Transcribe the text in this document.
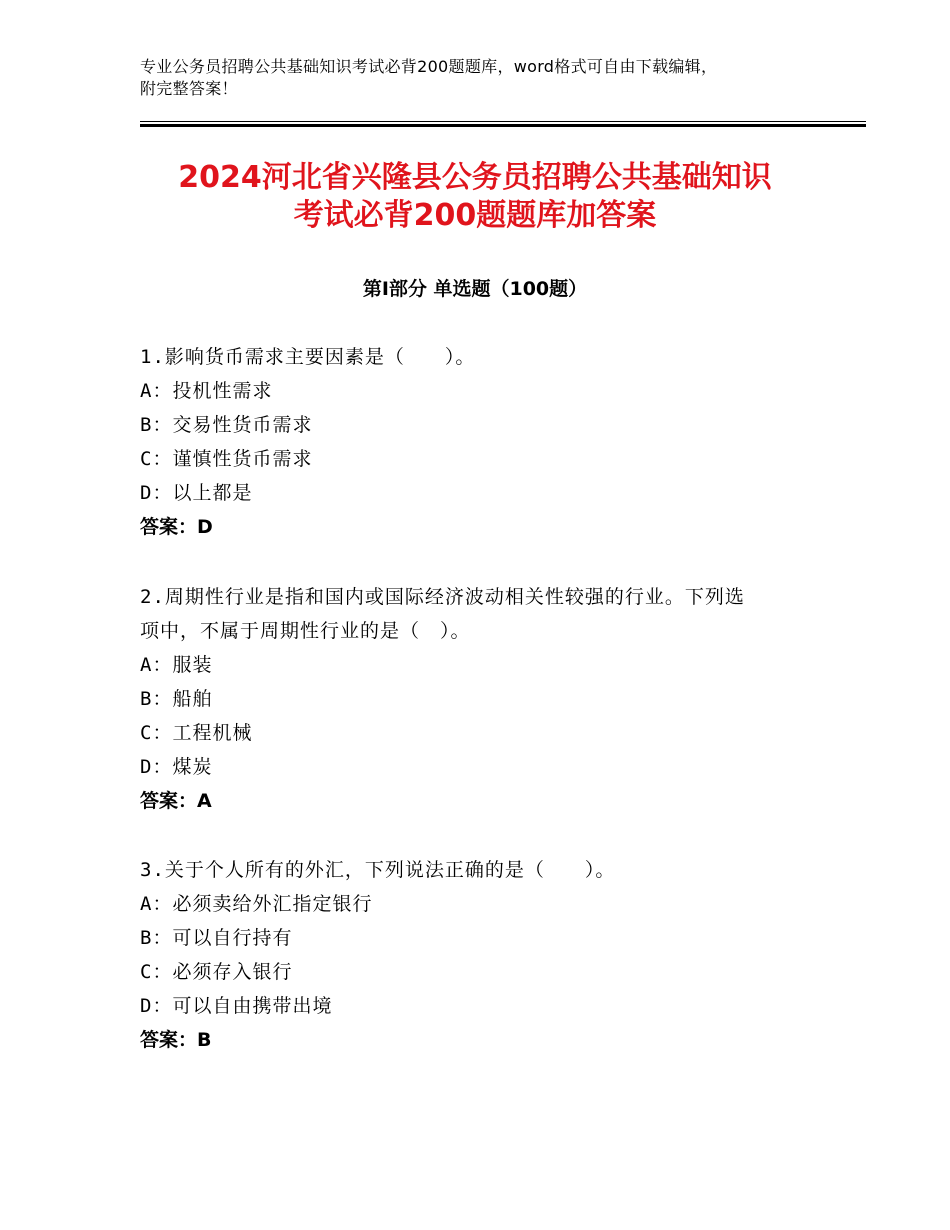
专业公务员招聘公共基础知识考试必背200题题库，word格式可自由下载编辑，
附完整答案！
2024河北省兴隆县公务员招聘公共基础知识
考试必背200题题库加答案
第Ⅰ部分 单选题（100题）
1.影响货币需求主要因素是（　　）。
A：投机性需求
B：交易性货币需求
C：谨慎性货币需求
D：以上都是
答案：D
2.周期性行业是指和国内或国际经济波动相关性较强的行业。下列选
项中，不属于周期性行业的是（　）。
A：服装
B：船舶
C：工程机械
D：煤炭
答案：A
3.关于个人所有的外汇，下列说法正确的是（　　）。
A：必须卖给外汇指定银行
B：可以自行持有
C：必须存入银行
D：可以自由携带出境
答案：B
